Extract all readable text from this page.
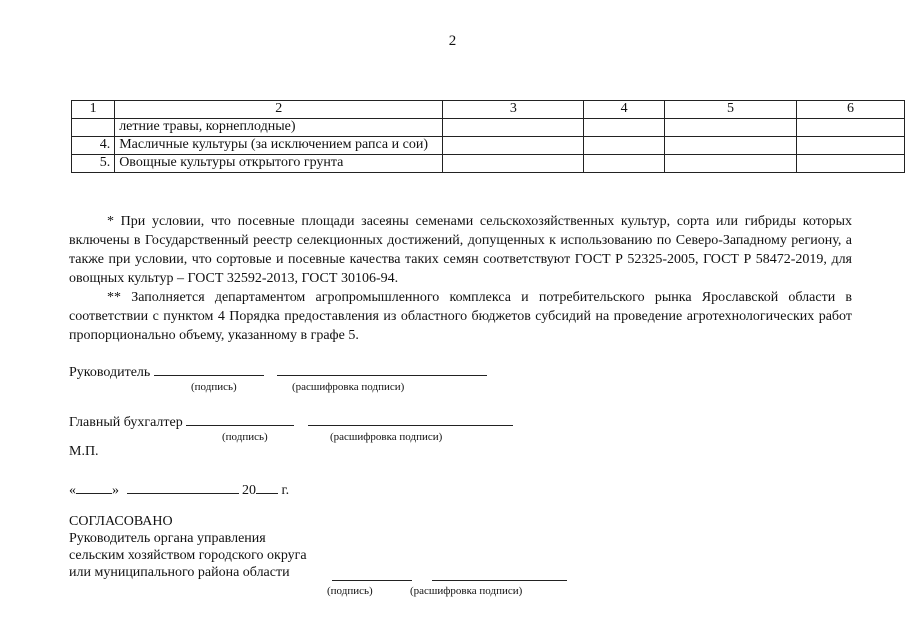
2
1	2	3	4	5	6
	летние травы, корнеплодные)				
4.	Масличные культуры (за исключением рапса и сои)				
5.	Овощные культуры открытого грунта				

* При условии, что посевные площади засеяны семенами сельскохозяйственных культур, сорта или гибриды которых включены в Государственный реестр селекционных достижений, допущенных к использованию по Северо-Западному региону, а также при условии, что сортовые и посевные качества таких семян соответствуют ГОСТ Р 52325-2005, ГОСТ Р 58472-2019, для овощных культур – ГОСТ 32592-2013, ГОСТ 30106-94.

** Заполняется департаментом агропромышленного комплекса и потребительского рынка Ярославской области в соответствии с пунктом 4 Порядка предоставления из областного бюджетов субсидий на проведение агротехнологических работ пропорционально объему, указанному в графе 5.

Руководитель
(подпись)	(расшифровка подписи)
Главный бухгалтер
(подпись)	(расшифровка подписи)
М.П.
«	»	20 г.
СОГЛАСОВАНО
Руководитель органа управления
сельским хозяйством городского округа
или муниципального района области

(подпись)	(расшифровка подписи)
